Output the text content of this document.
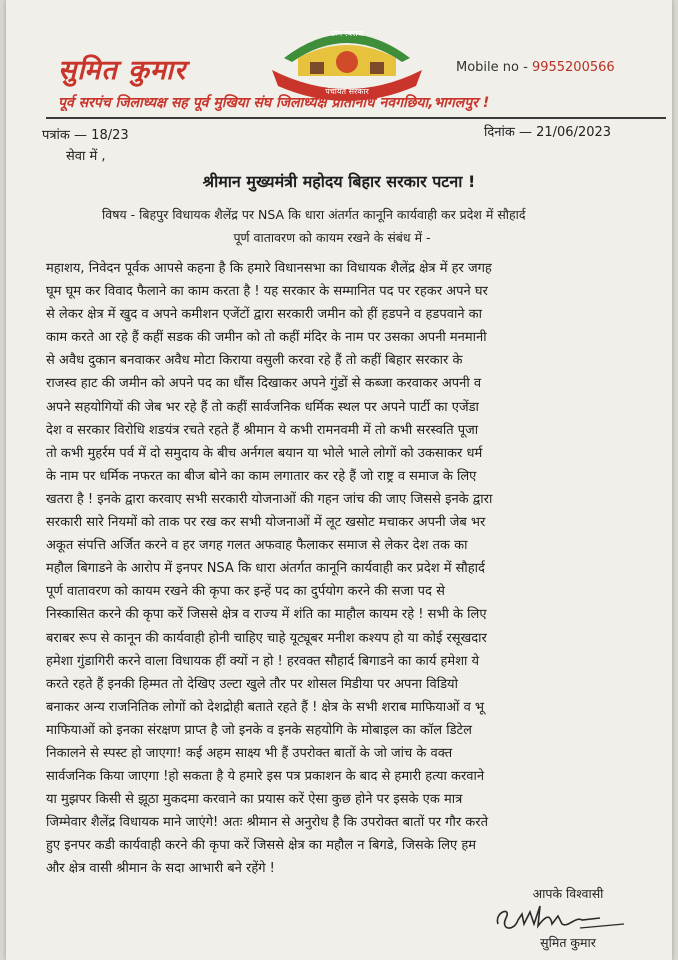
सुमित कुमार
ग्राम स्वराज
पंचायत सरकार
Mobile no - 9955200566
पूर्व सरपंच जिलाध्यक्ष सह पूर्व मुखिया संघ जिलाध्यक्ष प्रतिनिधि नवगछिया,भागलपुर !
पत्रांक — 18/23	दिनांक — 21/06/2023
सेवा में ,
श्रीमान मुख्यमंत्री महोदय बिहार सरकार पटना !
विषय - बिहपुर विधायक शैलेंद्र पर NSA कि धारा अंतर्गत कानूनि कार्यवाही कर प्रदेश में सौहार्द
पूर्ण वातावरण को कायम रखने के संबंध में -
महाशय, निवेदन पूर्वक आपसे कहना है कि हमारे विधानसभा का विधायक शैलेंद्र क्षेत्र में हर जगह
घूम घूम कर विवाद फैलाने का काम करता है ! यह सरकार के सम्मानित पद पर रहकर अपने घर
से लेकर क्षेत्र में खुद व अपने कमीशन एजेंटों द्वारा सरकारी जमीन को हीं हडपने व हडपवाने का
काम करते आ रहे हैं कहीं सडक की जमीन को तो कहीं मंदिर के नाम पर उसका अपनी मनमानी
से अवैध दुकान बनवाकर अवैध मोटा किराया वसुली करवा रहे हैं तो कहीं बिहार सरकार के
राजस्व हाट की जमीन को अपने पद का धौंस दिखाकर अपने गुंडों से कब्जा करवाकर अपनी व
अपने सहयोगियों की जेब भर रहे हैं तो कहीं सार्वजनिक धर्मिक स्थल पर अपने पार्टी का एजेंडा
देश व सरकार विरोधि शडयंत्र रचते रहते हैं श्रीमान ये कभी रामनवमी में तो कभी सरस्वति पूजा
तो कभी मुहर्रम पर्व में दो समुदाय के बीच अर्नगल बयान या भोले भाले लोगों को उकसाकर धर्म
के नाम पर धर्मिक नफरत का बीज बोने का काम लगातार कर रहे हैं जो राष्ट्र व समाज के लिए
खतरा है ! इनके द्वारा करवाए सभी सरकारी योजनाओं की गहन जांच की जाए जिससे इनके द्वारा
सरकारी सारे नियमों को ताक पर रख कर सभी योजनाओं में लूट खसोट मचाकर अपनी जेब भर
अकूत संपत्ति अर्जित करने व हर जगह गलत अफवाह फैलाकर समाज से लेकर देश तक का
महौल बिगाडने के आरोप में इनपर NSA कि धारा अंतर्गत कानूनि कार्यवाही कर प्रदेश में सौहार्द
पूर्ण वातावरण को कायम रखने की कृपा कर इन्हें पद का दुर्पयोग करने की सजा पद से
निस्कासित करने की कृपा करें जिससे क्षेत्र व राज्य में शंति का माहौल कायम रहे ! सभी के लिए
बराबर रूप से कानून की कार्यवाही होनी चाहिए चाहे यूट्यूबर मनीश कश्यप हो या कोई रसूखदार
हमेशा गुंडागिरी करने वाला विधायक हीं क्यों न हो ! हरवक्त सौहार्द बिगाडने का कार्य हमेशा ये
करते रहते हैं इनकी हिम्मत तो देखिए उल्टा खुले तौर पर शोसल मिडीया पर अपना विडियो
बनाकर अन्य राजनितिक लोगों को देशद्रोही बताते रहते हैं ! क्षेत्र के सभी शराब माफियाओं व भू
माफियाओं को इनका संरक्षण प्राप्त है जो इनके व इनके सहयोगि के मोबाइल का कॉल डिटेल
निकालने से स्पस्ट हो जाएगा! कई अहम साक्ष्य भी हैं उपरोक्त बातों के जो जांच के वक्त
सार्वजनिक किया जाएगा !हो सकता है ये हमारे इस पत्र प्रकाशन के बाद से हमारी हत्या करवाने
या मुझपर किसी से झूठा मुकदमा करवाने का प्रयास करें ऐसा कुछ होने पर इसके एक मात्र
जिम्मेवार शैलेंद्र विधायक माने जाएंगे! अतः श्रीमान से अनुरोध है कि उपरोक्त बातों पर गौर करते
हुए इनपर कडी कार्यवाही करने की कृपा करें जिससे क्षेत्र का महौल न बिगडे, जिसके लिए हम
और क्षेत्र वासी श्रीमान के सदा आभारी बने रहेंगे !
आपके विश्वासी
सुमित कुमार
